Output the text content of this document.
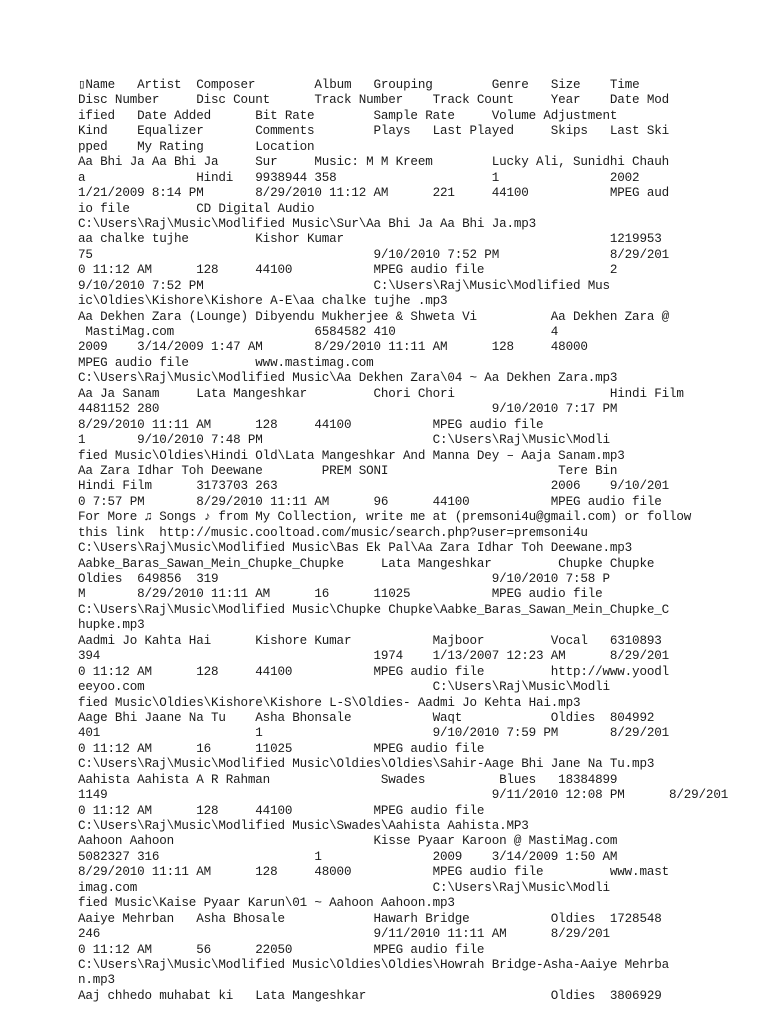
▯Name   Artist  Composer        Album   Grouping        Genre   Size    Time
Disc Number     Disc Count      Track Number    Track Count     Year    Date Mod
ified   Date Added      Bit Rate        Sample Rate     Volume Adjustment
Kind    Equalizer       Comments        Plays   Last Played     Skips   Last Ski
pped    My Rating       Location
Aa Bhi Ja Aa Bhi Ja     Sur     Music: M M Kreem        Lucky Ali, Sunidhi Chauh
a               Hindi   9938944 358                     1               2002
1/21/2009 8:14 PM       8/29/2010 11:12 AM      221     44100           MPEG aud
io file         CD Digital Audio
C:\Users\Raj\Music\Modlified Music\Sur\Aa Bhi Ja Aa Bhi Ja.mp3
aa chalke tujhe         Kishor Kumar                                    1219953
75                                      9/10/2010 7:52 PM               8/29/201
0 11:12 AM      128     44100           MPEG audio file                 2
9/10/2010 7:52 PM                       C:\Users\Raj\Music\Modlified Mus
ic\Oldies\Kishore\Kishore A-E\aa chalke tujhe .mp3
Aa Dekhen Zara (Lounge) Dibyendu Mukherjee & Shweta Vi          Aa Dekhen Zara @
MastiMag.com                   6584582 410                     4
2009    3/14/2009 1:47 AM       8/29/2010 11:11 AM      128     48000
MPEG audio file         www.mastimag.com
C:\Users\Raj\Music\Modlified Music\Aa Dekhen Zara\04 ~ Aa Dekhen Zara.mp3
Aa Ja Sanam     Lata Mangeshkar         Chori Chori                     Hindi Film
4481152 280                                             9/10/2010 7:17 PM
8/29/2010 11:11 AM      128     44100           MPEG audio file
1       9/10/2010 7:48 PM                       C:\Users\Raj\Music\Modli
fied Music\Oldies\Hindi Old\Lata Mangeshkar And Manna Dey – Aaja Sanam.mp3
Aa Zara Idhar Toh Deewane        PREM SONI                       Tere Bin
Hindi Film      3173703 263                                     2006    9/10/201
0 7:57 PM       8/29/2010 11:11 AM      96      44100           MPEG audio file
For More ♫ Songs ♪ from My Collection, write me at (premsoni4u@gmail.com) or follow
this link  http://music.cooltoad.com/music/search.php?user=premsoni4u
C:\Users\Raj\Music\Modlified Music\Bas Ek Pal\Aa Zara Idhar Toh Deewane.mp3
Aabke_Baras_Sawan_Mein_Chupke_Chupke     Lata Mangeshkar         Chupke Chupke
Oldies  649856  319                                     9/10/2010 7:58 P
M       8/29/2010 11:11 AM      16      11025           MPEG audio file
C:\Users\Raj\Music\Modlified Music\Chupke Chupke\Aabke_Baras_Sawan_Mein_Chupke_C
hupke.mp3
Aadmi Jo Kahta Hai      Kishore Kumar           Majboor         Vocal   6310893
394                                     1974    1/13/2007 12:23 AM      8/29/201
0 11:12 AM      128     44100           MPEG audio file         http://www.yoodl
eeyoo.com                                       C:\Users\Raj\Music\Modli
fied Music\Oldies\Kishore\Kishore L-S\Oldies- Aadmi Jo Kehta Hai.mp3
Aage Bhi Jaane Na Tu    Asha Bhonsale           Waqt            Oldies  804992
401                     1                       9/10/2010 7:59 PM       8/29/201
0 11:12 AM      16      11025           MPEG audio file
C:\Users\Raj\Music\Modlified Music\Oldies\Oldies\Sahir-Aage Bhi Jane Na Tu.mp3
Aahista Aahista A R Rahman               Swades          Blues   18384899
1149                                                    9/11/2010 12:08 PM      8/29/201
0 11:12 AM      128     44100           MPEG audio file
C:\Users\Raj\Music\Modlified Music\Swades\Aahista Aahista.MP3
Aahoon Aahoon                           Kisse Pyaar Karoon @ MastiMag.com
5082327 316                     1               2009    3/14/2009 1:50 AM
8/29/2010 11:11 AM      128     48000           MPEG audio file         www.mast
imag.com                                        C:\Users\Raj\Music\Modli
fied Music\Kaise Pyaar Karun\01 ~ Aahoon Aahoon.mp3
Aaiye Mehrban   Asha Bhosale            Hawarh Bridge           Oldies  1728548
246                                     9/11/2010 11:11 AM      8/29/201
0 11:12 AM      56      22050           MPEG audio file
C:\Users\Raj\Music\Modlified Music\Oldies\Oldies\Howrah Bridge-Asha-Aaiye Mehrba
n.mp3
Aaj chhedo muhabat ki   Lata Mangeshkar                         Oldies  3806929
